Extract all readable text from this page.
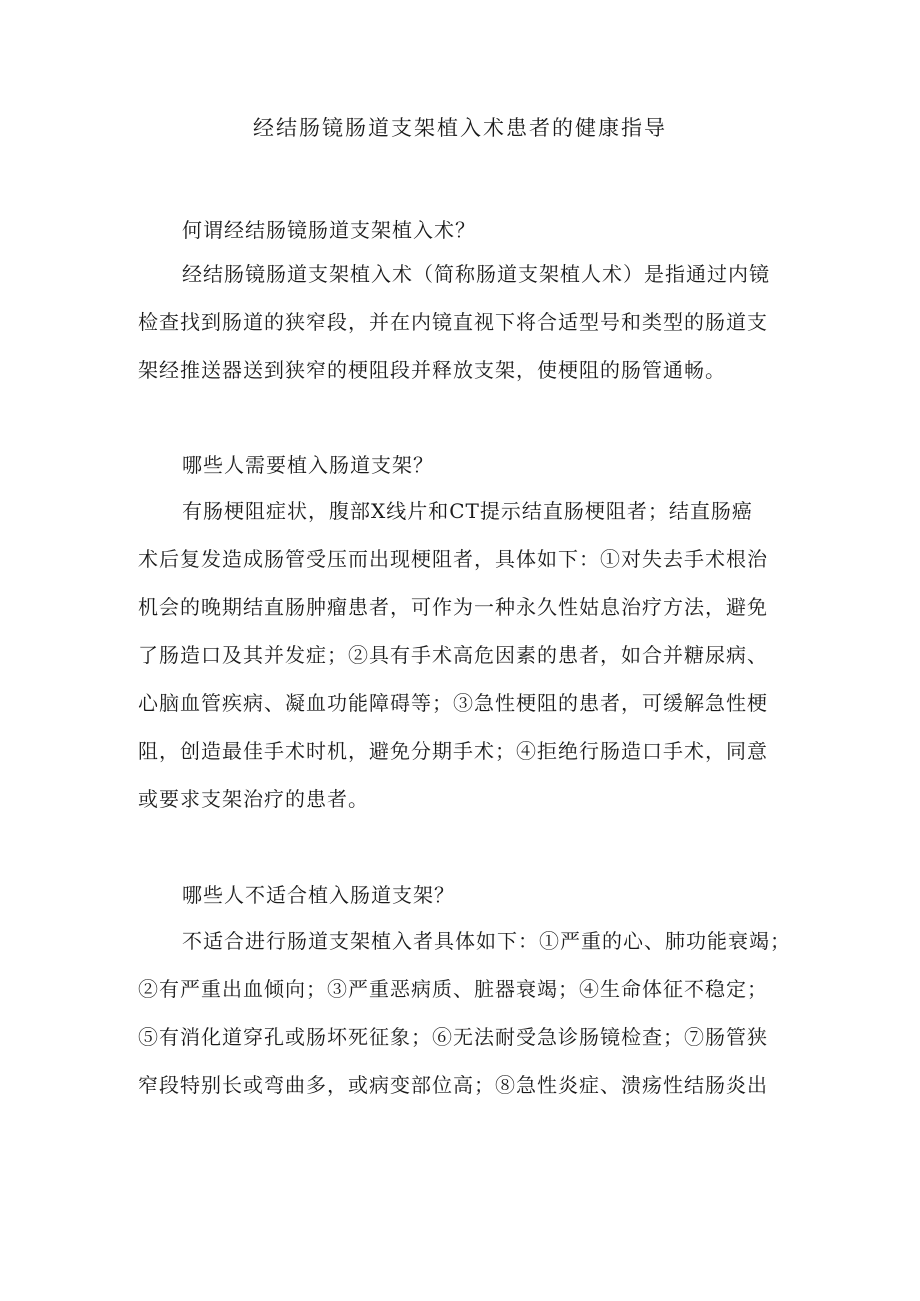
经结肠镜肠道支架植入术患者的健康指导

何谓经结肠镜肠道支架植入术？

经结肠镜肠道支架植入术（简称肠道支架植人术）是指通过内镜
检查找到肠道的狭窄段，并在内镜直视下将合适型号和类型的肠道支
架经推送器送到狭窄的梗阻段并释放支架，使梗阻的肠管通畅。

哪些人需要植入肠道支架？

有肠梗阻症状，腹部X线片和CT提示结直肠梗阻者；结直肠癌
术后复发造成肠管受压而出现梗阻者，具体如下：①对失去手术根治
机会的晚期结直肠肿瘤患者，可作为一种永久性姑息治疗方法，避免
了肠造口及其并发症；②具有手术高危因素的患者，如合并糖尿病、
心脑血管疾病、凝血功能障碍等；③急性梗阻的患者，可缓解急性梗
阻，创造最佳手术时机，避免分期手术；④拒绝行肠造口手术，同意
或要求支架治疗的患者。

哪些人不适合植入肠道支架？

不适合进行肠道支架植入者具体如下：①严重的心、肺功能衰竭；
②有严重出血倾向；③严重恶病质、脏器衰竭；④生命体征不稳定；
⑤有消化道穿孔或肠坏死征象；⑥无法耐受急诊肠镜检查；⑦肠管狭
窄段特别长或弯曲多，或病变部位高；⑧急性炎症、溃疡性结肠炎出
